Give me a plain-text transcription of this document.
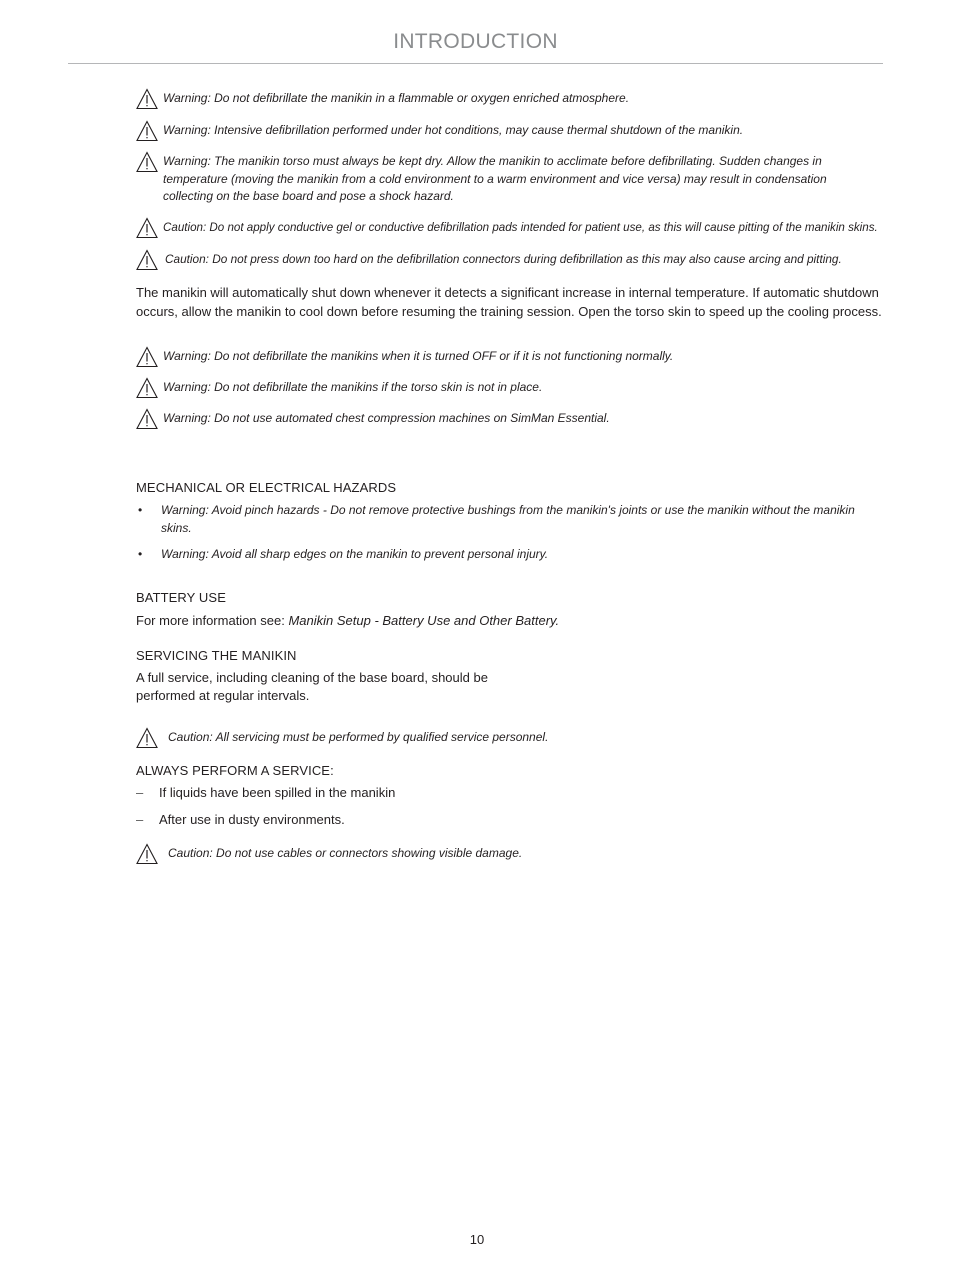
INTRODUCTION
Warning: Do not defibrillate the manikin in a flammable or oxygen enriched atmosphere.
Warning: Intensive defibrillation performed under hot conditions, may cause thermal shutdown of the manikin.
Warning: The manikin torso must always be kept dry. Allow the manikin to acclimate before defibrillating. Sudden changes in temperature (moving the manikin from a cold environment to a warm environment and vice versa) may result in condensation collecting on the base board and pose a shock hazard.
Caution: Do not apply conductive gel or conductive defibrillation pads intended for patient use, as this will cause pitting of the manikin skins.
Caution: Do not press down too hard on the defibrillation connectors during defibrillation as this may also cause arcing and pitting.
The manikin will automatically shut down whenever it detects a significant increase in internal temperature. If automatic shutdown occurs, allow the manikin to cool down before resuming the training session. Open the torso skin to speed up the cooling process.
Warning: Do not defibrillate the manikins when it is turned OFF or if it is not functioning normally.
Warning: Do not defibrillate the manikins if the torso skin is not in place.
Warning: Do not use automated chest compression machines on SimMan Essential.
MECHANICAL OR ELECTRICAL HAZARDS
•	Warning: Avoid pinch hazards - Do not remove protective bushings from the manikin's joints or use the manikin without the manikin skins.
•	Warning: Avoid all sharp edges on the manikin to prevent personal injury.
BATTERY USE
For more information see: Manikin Setup - Battery Use and Other Battery.
SERVICING THE MANIKIN
A full service, including cleaning of the base board, should be
performed at regular intervals.
Caution: All servicing must be performed by qualified service personnel.
ALWAYS PERFORM A SERVICE:
–	If liquids have been spilled in the manikin
–	After use in dusty environments.
Caution: Do not use cables or connectors showing visible damage.
10
